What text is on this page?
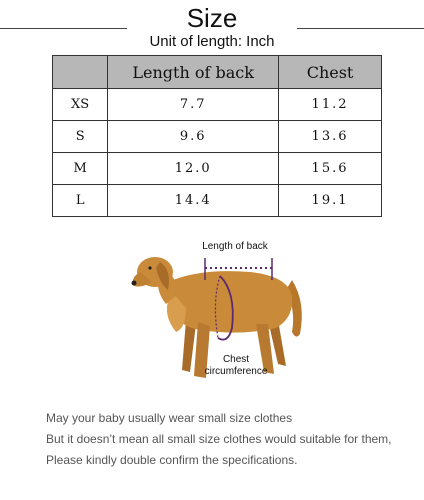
Size
Unit of length: Inch
	Length of back	Chest
XS	7.7	11.2
S	9.6	13.6
M	12.0	15.6
L	14.4	19.1
Length of back
Chest
circumference
May your baby usually wear small size clothes
But it doesn’t mean all small size clothes would suitable for them,
Please kindly double confirm the specifications.
